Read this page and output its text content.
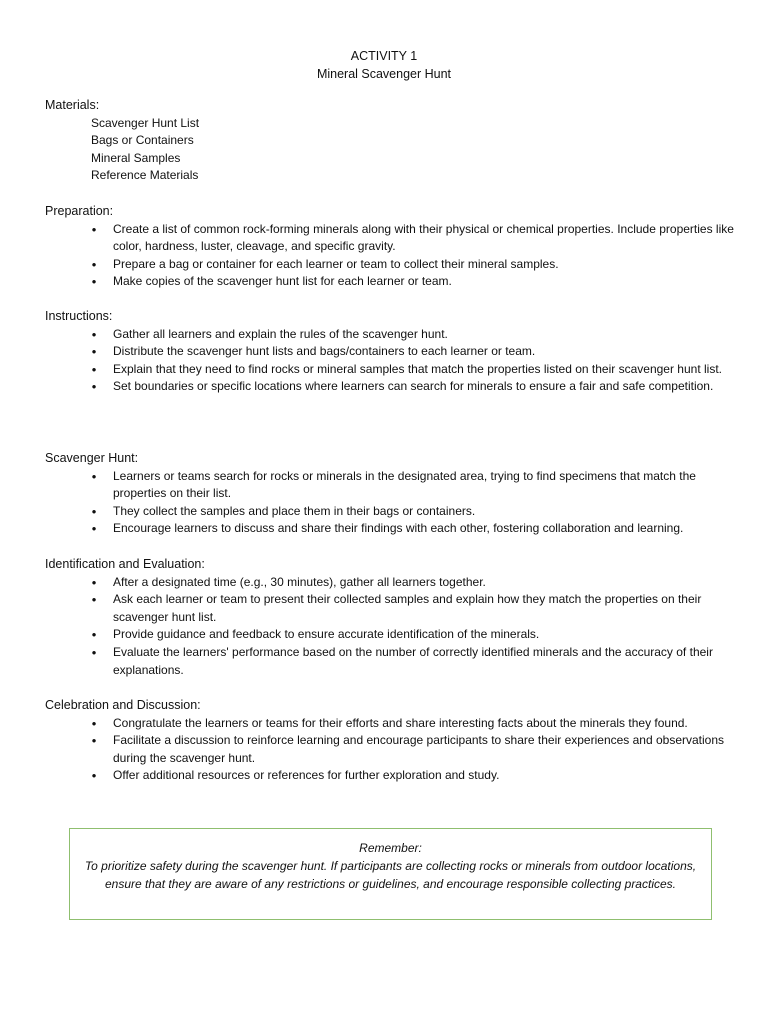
ACTIVITY 1
Mineral Scavenger Hunt

Materials:

Scavenger Hunt List
Bags or Containers
Mineral Samples
Reference Materials

Preparation:

• Create a list of common rock-forming minerals along with their physical or chemical properties. Include properties like color, hardness, luster, cleavage, and specific gravity.
• Prepare a bag or container for each learner or team to collect their mineral samples.
• Make copies of the scavenger hunt list for each learner or team.

Instructions:

• Gather all learners and explain the rules of the scavenger hunt.
• Distribute the scavenger hunt lists and bags/containers to each learner or team.
• Explain that they need to find rocks or mineral samples that match the properties listed on their scavenger hunt list.
• Set boundaries or specific locations where learners can search for minerals to ensure a fair and safe competition.

Scavenger Hunt:

• Learners or teams search for rocks or minerals in the designated area, trying to find specimens that match the properties on their list.
• They collect the samples and place them in their bags or containers.
• Encourage learners to discuss and share their findings with each other, fostering collaboration and learning.

Identification and Evaluation:

• After a designated time (e.g., 30 minutes), gather all learners together.
• Ask each learner or team to present their collected samples and explain how they match the properties on their scavenger hunt list.
• Provide guidance and feedback to ensure accurate identification of the minerals.
• Evaluate the learners' performance based on the number of correctly identified minerals and the accuracy of their explanations.

Celebration and Discussion:

• Congratulate the learners or teams for their efforts and share interesting facts about the minerals they found.
• Facilitate a discussion to reinforce learning and encourage participants to share their experiences and observations during the scavenger hunt.
• Offer additional resources or references for further exploration and study.
Remember:
To prioritize safety during the scavenger hunt. If participants are collecting rocks or minerals from outdoor locations, ensure that they are aware of any restrictions or guidelines, and encourage responsible collecting practices.
